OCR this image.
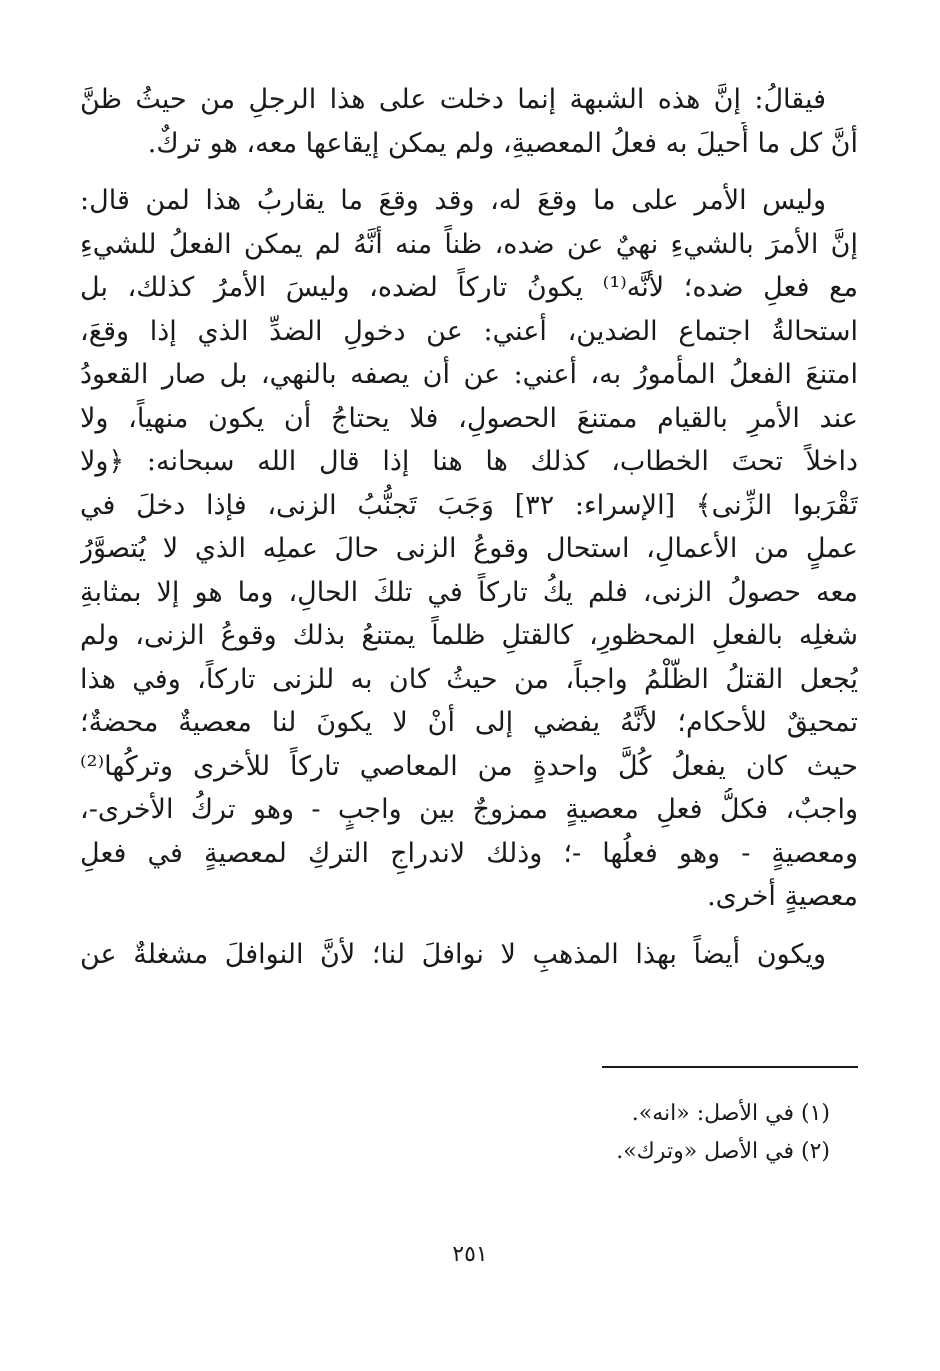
فيقالُ: إنَّ هذه الشبهة إنما دخلت على هذا الرجلِ من حيثُ ظنَّ
أنَّ كل ما أُحيلَ به فعلُ المعصيةِ، ولم يمكن إيقاعها معه، هو تركٌ.
وليس الأمر على ما وقعَ له، وقد وقعَ ما يقاربُ هذا لمن قال:
إنَّ الأمرَ بالشيءِ نهيٌ عن ضده، ظناً منه أنَّهُ لم يمكن الفعلُ للشيءِ
مع فعلِ ضده؛ لأنَّه⁽¹⁾ يكونُ تاركاً لضده، وليسَ الأمرُ كذلك، بل
استحالةُ اجتماع الضدين، أعني: عن دخولِ الضدِّ الذي إذا وقعَ،
امتنعَ الفعلُ المأمورُ به، أعني: عن أن يصفه بالنهي، بل صار القعودُ
عند الأمرِ بالقيام ممتنعَ الحصولِ، فلا يحتاجُ أن يكون منهياً، ولا
داخلاً تحتَ الخطاب، كذلك ها هنا إذا قال الله سبحانه: ﴿ولا
تَقْرَبوا الزِّنى﴾ [الإسراء: ٣٢] وَجَبَ تَجنُّبُ الزنى، فإذا دخلَ في
عملٍ من الأعمالِ، استحال وقوعُ الزنى حالَ عملِه الذي لا يُتصوَّرُ
معه حصولُ الزنى، فلم يكُ تاركاً في تلكَ الحالِ، وما هو إلا بمثابةِ
شغلِه بالفعلِ المحظورِ، كالقتلِ ظلماً يمتنعُ بذلك وقوعُ الزنى، ولم
يُجعل القتلُ الظُّلْمُ واجباً، من حيثُ كان به للزنى تاركاً، وفي هذا
تمحيقٌ للأحكام؛ لأنَّهُ يفضي إلى أنْ لا يكونَ لنا معصيةٌ محضةٌ؛
حيث كان يفعلُ كُلَّ واحدةٍ من المعاصي تاركاً للأخرى وتركُها⁽²⁾
واجبٌ، فكلُّ فعلِ معصيةٍ ممزوجٌ بين واجبٍ - وهو تركُ الأخرى-،
ومعصيةٍ - وهو فعلُها -؛ وذلك لاندراجِ التركِ لمعصيةٍ في فعلِ
معصيةٍ أخرى.
ويكون أيضاً بهذا المذهبِ لا نوافلَ لنا؛ لأنَّ النوافلَ مشغلةٌ عن
(١) في الأصل: «انه».
(٢) في الأصل «وترك».
٢٥١
